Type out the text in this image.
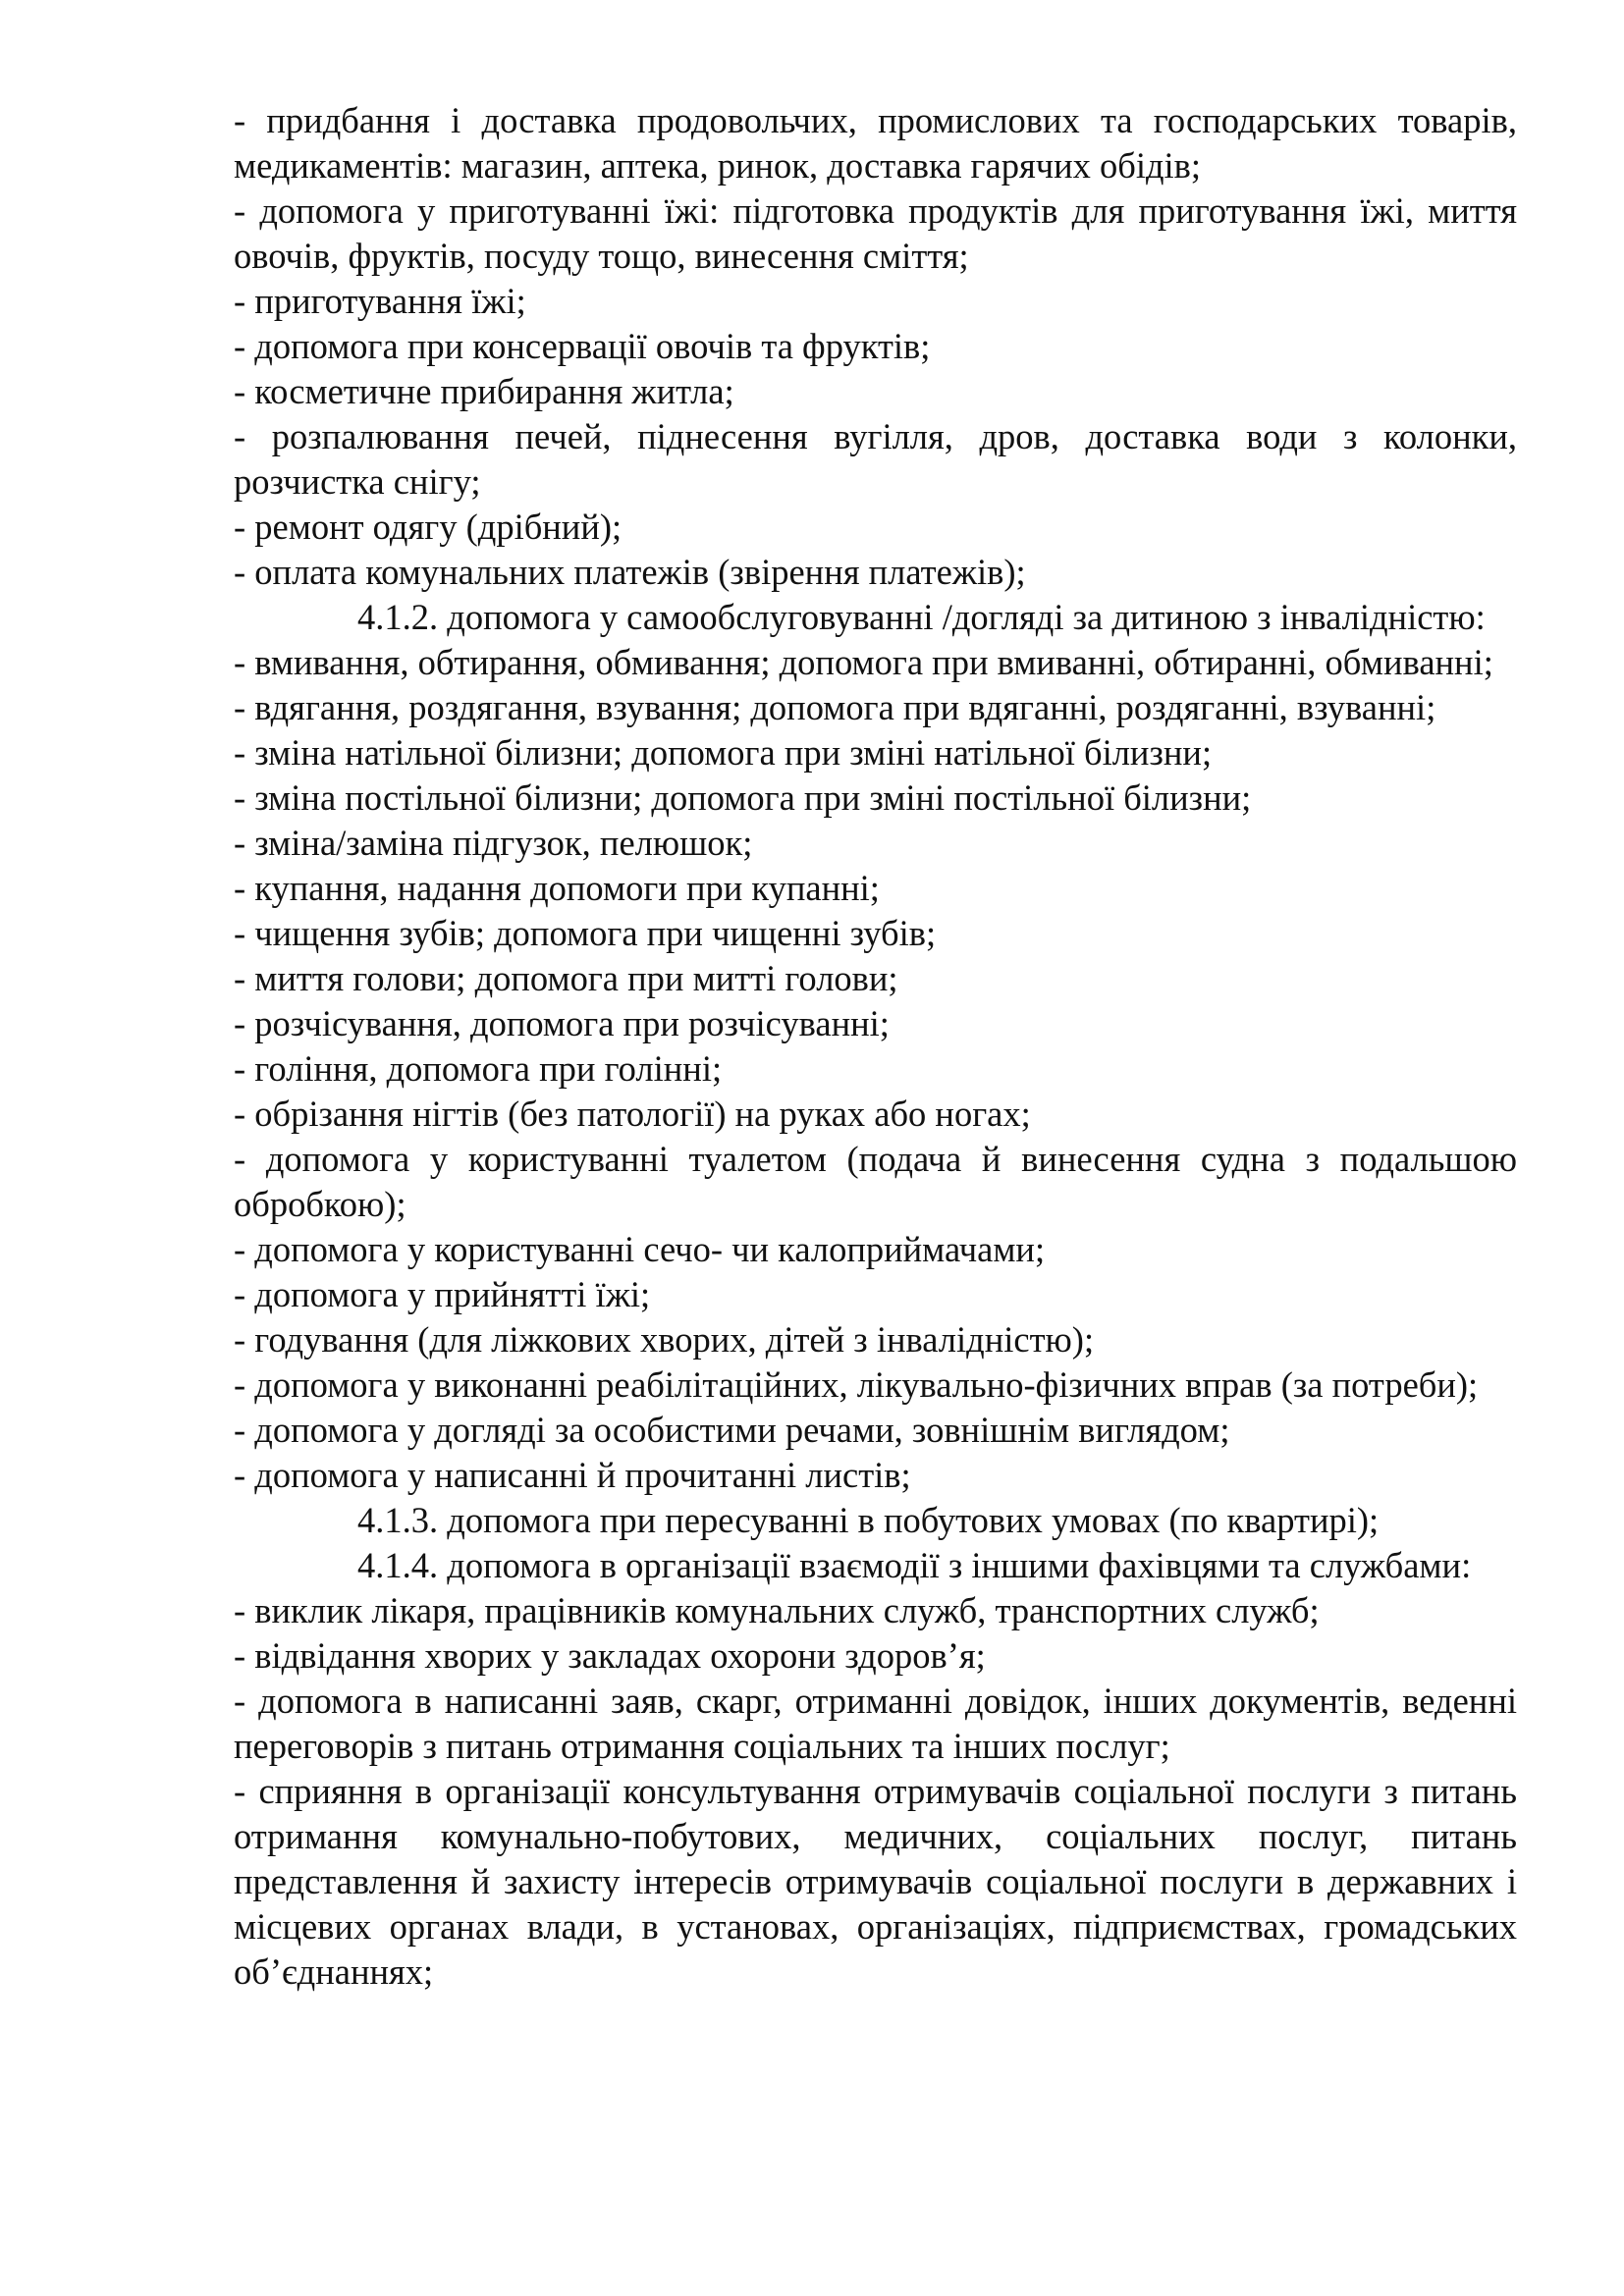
- придбання і доставка продовольчих, промислових та господарських товарів, медикаментів: магазин, аптека, ринок, доставка гарячих обідів;

- допомога у приготуванні їжі: підготовка продуктів для приготування їжі, миття овочів, фруктів, посуду тощо, винесення сміття;

- приготування їжі;

- допомога при консервації овочів та фруктів;

- косметичне прибирання житла;

- розпалювання печей, піднесення вугілля, дров, доставка води з колонки, розчистка снігу;

- ремонт одягу (дрібний);

- оплата комунальних платежів (звірення платежів);

4.1.2. допомога у самообслуговуванні /догляді за дитиною з інвалідністю:

- вмивання, обтирання, обмивання; допомога при вмиванні, обтиранні, обмиванні;

- вдягання, роздягання, взування; допомога при вдяганні, роздяганні, взуванні;

- зміна натільної білизни; допомога при зміні натільної білизни;

- зміна постільної білизни; допомога при зміні постільної білизни;

- зміна/заміна підгузок, пелюшок;

- купання, надання допомоги при купанні;

- чищення зубів; допомога при чищенні зубів;

- миття голови; допомога при митті голови;

- розчісування, допомога при розчісуванні;

- гоління, допомога при голінні;

- обрізання нігтів (без патології) на руках або ногах;

- допомога у користуванні туалетом (подача й винесення судна з подальшою обробкою);

- допомога у користуванні сечо- чи калоприймачами;

- допомога у прийнятті їжі;

- годування (для ліжкових хворих, дітей з інвалідністю);

- допомога у виконанні реабілітаційних, лікувально-фізичних вправ (за потреби);

- допомога у догляді за особистими речами, зовнішнім виглядом;

- допомога у написанні й прочитанні листів;

4.1.3. допомога при пересуванні в побутових умовах (по квартирі);

4.1.4. допомога в організації взаємодії з іншими фахівцями та службами:

- виклик лікаря, працівників комунальних служб, транспортних служб;

- відвідання хворих у закладах охорони здоров’я;

- допомога в написанні заяв, скарг, отриманні довідок, інших документів, веденні переговорів з питань отримання соціальних та інших послуг;

- сприяння в організації консультування отримувачів соціальної послуги з питань отримання комунально-побутових, медичних, соціальних послуг, питань представлення й захисту інтересів отримувачів соціальної послуги в державних і місцевих органах влади, в установах, організаціях, підприємствах, громадських об’єднаннях;
